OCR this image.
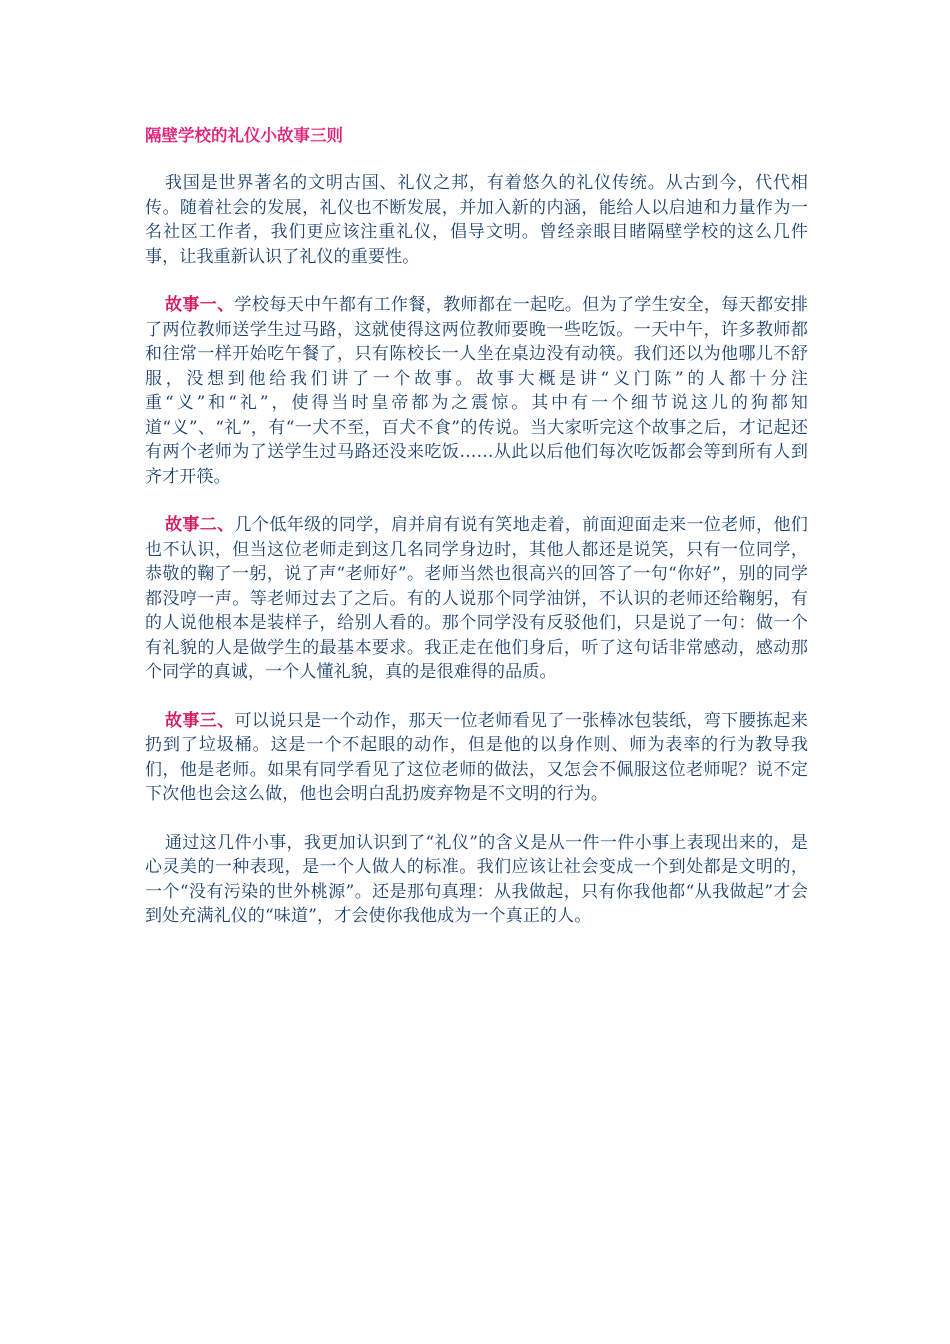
隔壁学校的礼仪小故事三则

我国是世界著名的文明古国、礼仪之邦，有着悠久的礼仪传统。从古到今，代代相传。随着社会的发展，礼仪也不断发展，并加入新的内涵，能给人以启迪和力量作为一名社区工作者，我们更应该注重礼仪，倡导文明。曾经亲眼目睹隔壁学校的这么几件事，让我重新认识了礼仪的重要性。

故事一、学校每天中午都有工作餐，教师都在一起吃。但为了学生安全，每天都安排了两位教师送学生过马路，这就使得这两位教师要晚一些吃饭。一天中午，许多教师都和往常一样开始吃午餐了，只有陈校长一人坐在桌边没有动筷。我们还以为他哪儿不舒服，没想到他给我们讲了一个故事。故事大概是讲“义门陈”的人都十分注重“义”和“礼”，使得当时皇帝都为之震惊。其中有一个细节说这儿的狗都知道“义”、“礼”，有“一犬不至，百犬不食”的传说。当大家听完这个故事之后，才记起还有两个老师为了送学生过马路还没来吃饭……从此以后他们每次吃饭都会等到所有人到齐才开筷。

故事二、几个低年级的同学，肩并肩有说有笑地走着，前面迎面走来一位老师，他们也不认识，但当这位老师走到这几名同学身边时，其他人都还是说笑，只有一位同学，恭敬的鞠了一躬，说了声“老师好”。老师当然也很高兴的回答了一句“你好”，别的同学都没哼一声。等老师过去了之后。有的人说那个同学油饼，不认识的老师还给鞠躬，有的人说他根本是装样子，给别人看的。那个同学没有反驳他们，只是说了一句：做一个有礼貌的人是做学生的最基本要求。我正走在他们身后，听了这句话非常感动，感动那个同学的真诚，一个人懂礼貌，真的是很难得的品质。

故事三、可以说只是一个动作，那天一位老师看见了一张棒冰包装纸，弯下腰拣起来扔到了垃圾桶。这是一个不起眼的动作，但是他的以身作则、师为表率的行为教导我们，他是老师。如果有同学看见了这位老师的做法，又怎会不佩服这位老师呢？说不定下次他也会这么做，他也会明白乱扔废弃物是不文明的行为。

通过这几件小事，我更加认识到了“礼仪”的含义是从一件一件小事上表现出来的，是心灵美的一种表现，是一个人做人的标准。我们应该让社会变成一个到处都是文明的，一个“没有污染的世外桃源”。还是那句真理：从我做起，只有你我他都“从我做起”才会到处充满礼仪的“味道”，才会使你我他成为一个真正的人。
